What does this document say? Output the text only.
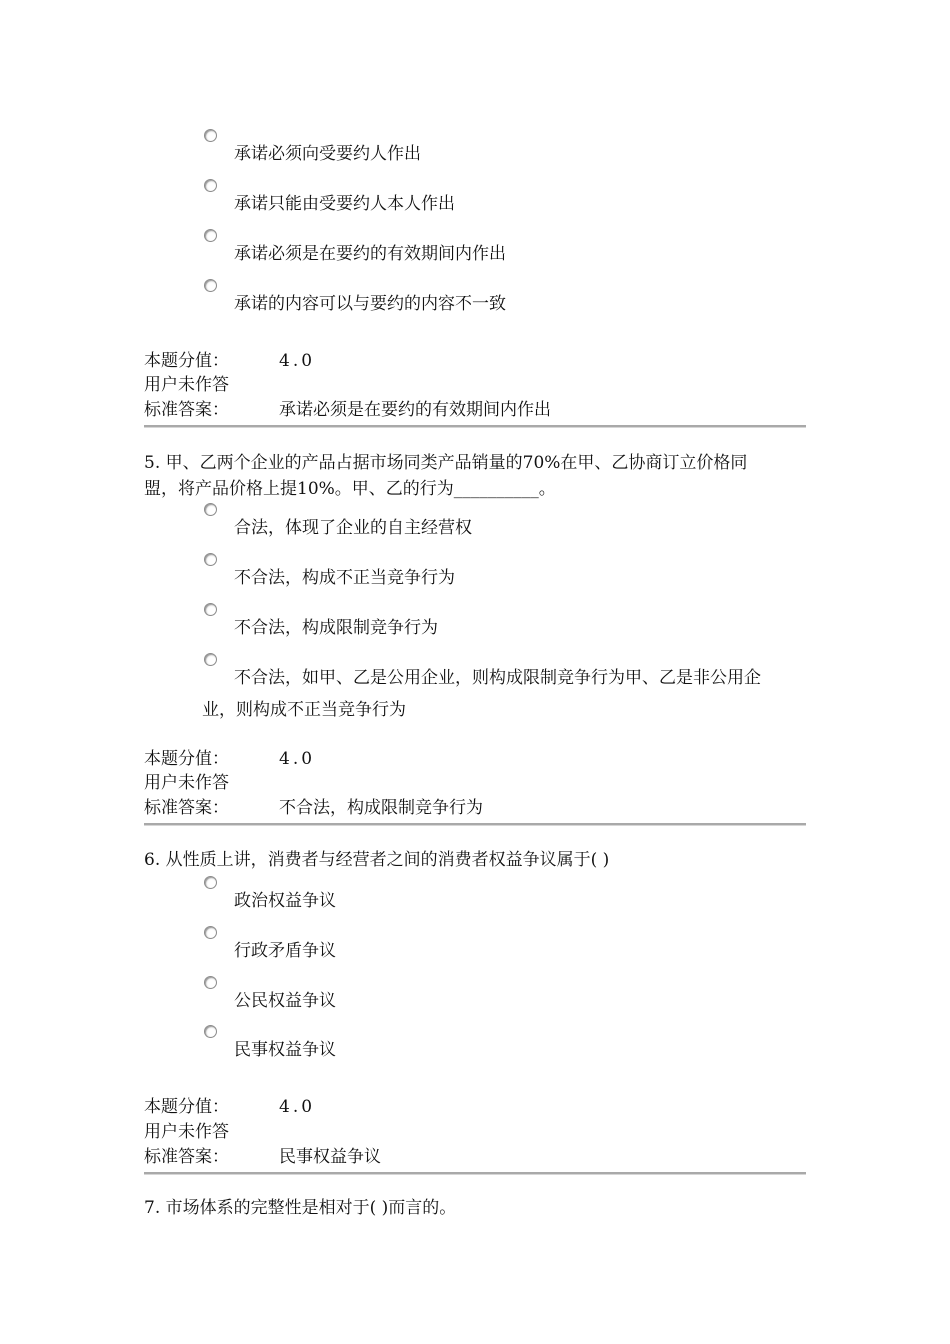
承诺必须向受要约人作出
承诺只能由受要约人本人作出
承诺必须是在要约的有效期间内作出
承诺的内容可以与要约的内容不一致
本题分值：	4.0
用户未作答
标准答案：	承诺必须是在要约的有效期间内作出
5. 甲、乙两个企业的产品占据市场同类产品销量的70%在甲、乙协商订立价格同
盟，将产品价格上提10%。甲、乙的行为__________。
合法，体现了企业的自主经营权
不合法，构成不正当竞争行为
不合法，构成限制竞争行为
不合法，如甲、乙是公用企业，则构成限制竞争行为甲、乙是非公用企
业，则构成不正当竞争行为
本题分值：	4.0
用户未作答
标准答案：	不合法，构成限制竞争行为
6. 从性质上讲，消费者与经营者之间的消费者权益争议属于( )
政治权益争议
行政矛盾争议
公民权益争议
民事权益争议
本题分值：	4.0
用户未作答
标准答案：	民事权益争议
7. 市场体系的完整性是相对于( )而言的。
